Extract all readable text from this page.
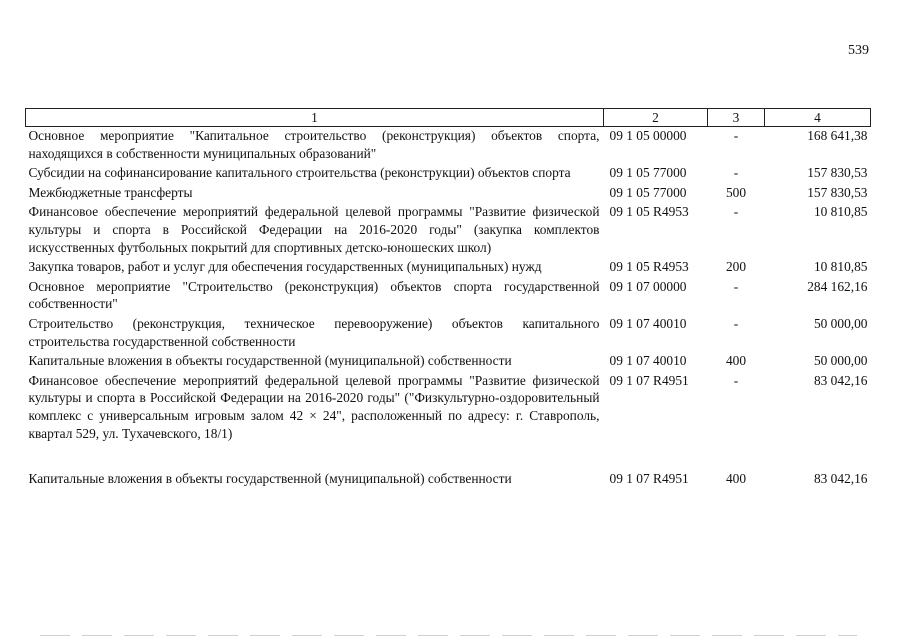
539
1	2	3	4
Основное мероприятие "Капитальное строительство (реконструкция) объектов спорта, находящихся в собственности муниципальных образований"	09 1 05 00000	-	168 641,38
Субсидии на софинансирование капитального строительства (реконструкции) объектов спорта	09 1 05 77000	-	157 830,53
Межбюджетные трансферты	09 1 05 77000	500	157 830,53
Финансовое обеспечение мероприятий федеральной целевой программы "Развитие физической культуры и спорта в Российской Федерации на 2016-2020 годы" (закупка комплектов искусственных футбольных покрытий для спортивных детско-юношеских школ)	09 1 05 R4953	-	10 810,85
Закупка товаров, работ и услуг для обеспечения государственных (муниципальных) нужд	09 1 05 R4953	200	10 810,85
Основное мероприятие "Строительство (реконструкция) объектов спорта государственной собственности"	09 1 07 00000	-	284 162,16
Строительство (реконструкция, техническое перевооружение) объектов капитального строительства государственной собственности	09 1 07 40010	-	50 000,00
Капитальные вложения в объекты государственной (муниципальной) собственности	09 1 07 40010	400	50 000,00
Финансовое обеспечение мероприятий федеральной целевой программы "Развитие физической культуры и спорта в Российской Федерации на 2016-2020 годы" ("Физкультурно-оздоровительный комплекс с универсальным игровым залом 42 × 24", расположенный по адресу: г. Ставрополь, квартал 529, ул. Тухачевского, 18/1)	09 1 07 R4951	-	83 042,16
Капитальные вложения в объекты государственной (муниципальной) собственности	09 1 07 R4951	400	83 042,16
